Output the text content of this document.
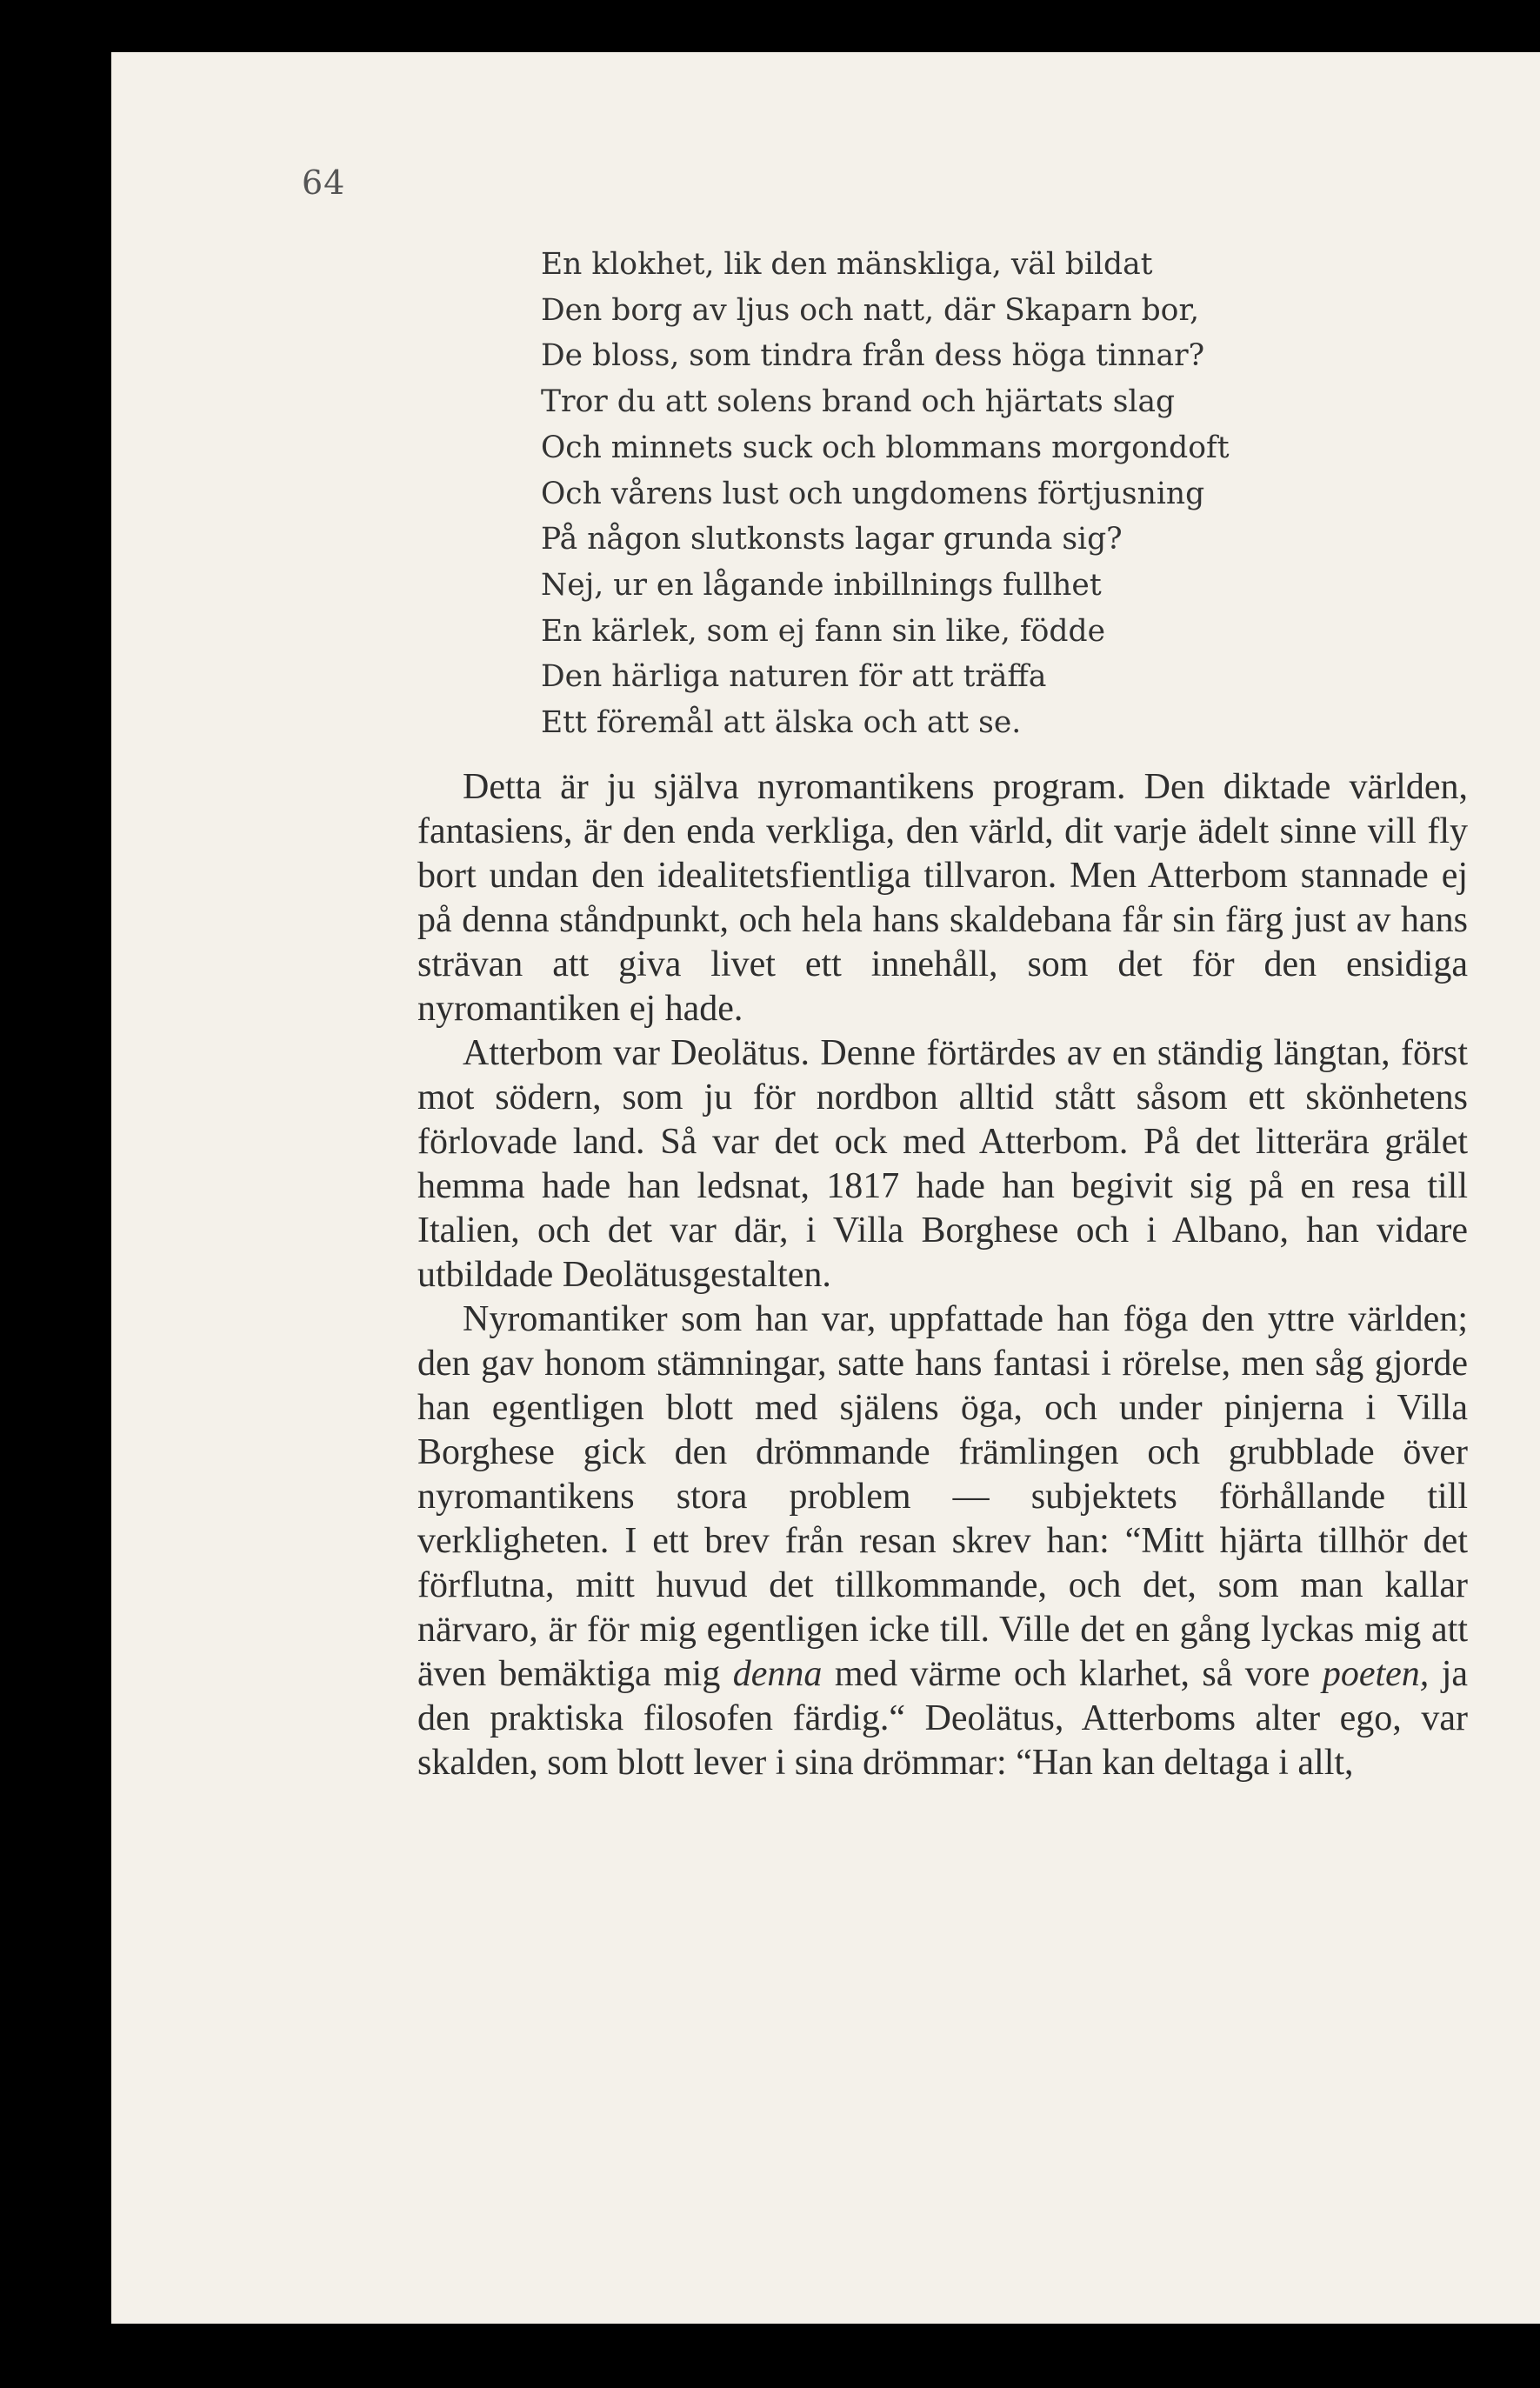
64
En klokhet, lik den mänskliga, väl bildat
Den borg av ljus och natt, där Skaparn bor,
De bloss, som tindra från dess höga tinnar?
Tror du att solens brand och hjärtats slag
Och minnets suck och blommans morgondoft
Och vårens lust och ungdomens förtjusning
På någon slutkonsts lagar grunda sig?
Nej, ur en lågande inbillnings fullhet
En kärlek, som ej fann sin like, födde
Den härliga naturen för att träffa
Ett föremål att älska och att se.

Detta är ju själva nyromantikens program. Den diktade världen, fantasiens, är den enda verkliga, den värld, dit varje ädelt sinne vill fly bort undan den idealitetsfientliga tillvaron. Men Atterbom stannade ej på denna ståndpunkt, och hela hans skaldebana får sin färg just av hans strävan att giva livet ett innehåll, som det för den ensidiga nyromantiken ej hade.

Atterbom var Deolätus. Denne förtärdes av en ständig längtan, först mot södern, som ju för nordbon alltid stått såsom ett skönhetens förlovade land. Så var det ock med Atterbom. På det litterära grälet hemma hade han ledsnat, 1817 hade han begivit sig på en resa till Italien, och det var där, i Villa Borghese och i Albano, han vidare utbildade Deolätusgestalten.

Nyromantiker som han var, uppfattade han föga den yttre världen; den gav honom stämningar, satte hans fantasi i rörelse, men såg gjorde han egentligen blott med själens öga, och under pinjerna i Villa Borghese gick den drömmande främlingen och grubblade över nyromantikens stora problem — subjektets förhållande till verkligheten. I ett brev från resan skrev han: “Mitt hjärta tillhör det förflutna, mitt huvud det tillkommande, och det, som man kallar närvaro, är för mig egentligen icke till. Ville det en gång lyckas mig att även bemäktiga mig denna med värme och klarhet, så vore poeten, ja den praktiska filosofen färdig.“ Deolätus, Atterboms alter ego, var skalden, som blott lever i sina drömmar: “Han kan deltaga i allt,
